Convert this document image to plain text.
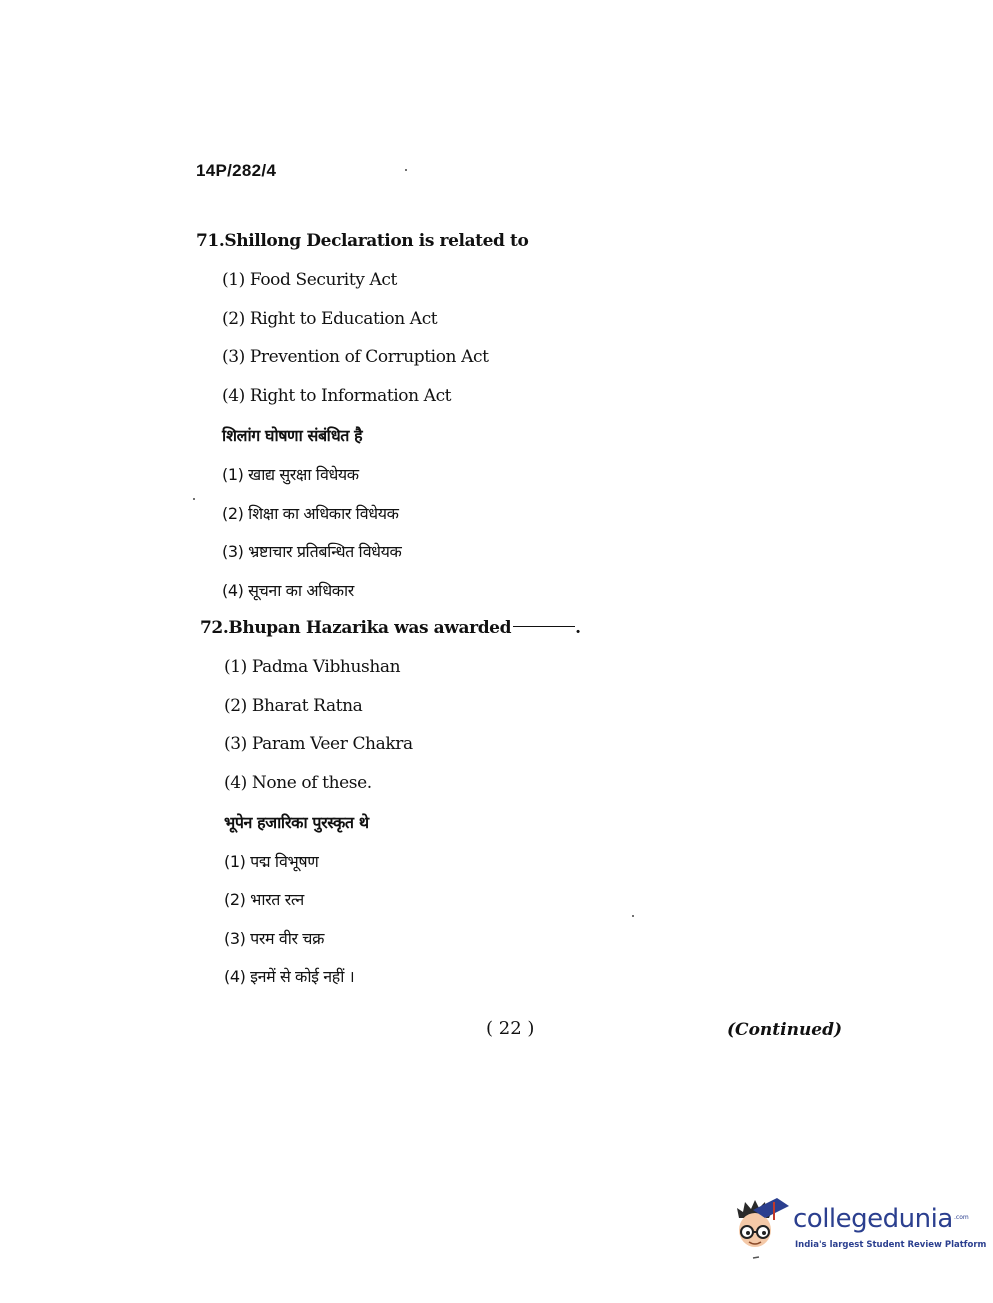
14P/282/4
71.Shillong Declaration is related to
(1) Food Security Act
(2) Right to Education Act
(3) Prevention of Corruption Act
(4) Right to Information Act
शिलांग घोषणा संबंधित है
(1) खाद्य सुरक्षा विधेयक
(2) शिक्षा का अधिकार विधेयक
(3) भ्रष्टाचार प्रतिबन्धित विधेयक
(4) सूचना का अधिकार
72.Bhupan Hazarika was awarded	.
(1) Padma Vibhushan
(2) Bharat Ratna
(3) Param Veer Chakra
(4) None of these.
भूपेन हजारिका पुरस्कृत थे
(1) पद्म विभूषण
(2) भारत रत्न
(3) परम वीर चक्र
(4) इनमें से कोई नहीं ।
( 22 )	(Continued)
collegedunia .com
India's largest Student Review Platform
